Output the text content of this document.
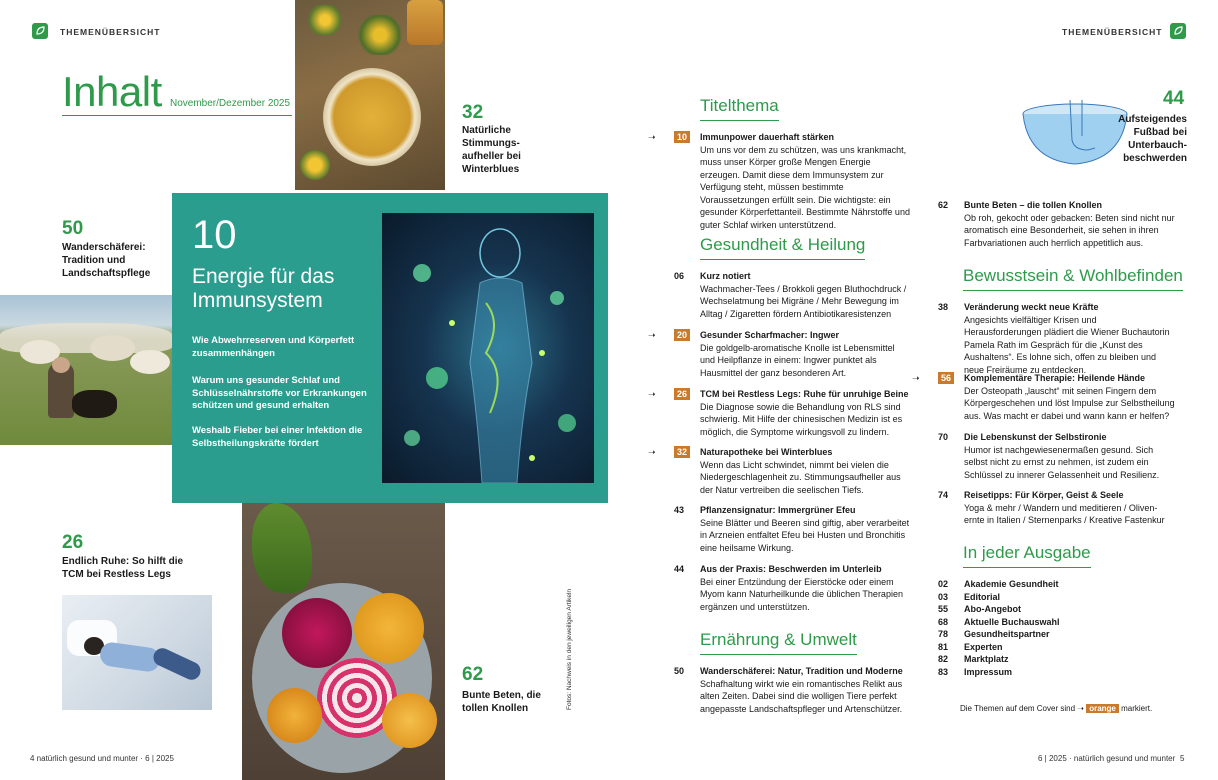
THEMENÜBERSICHT
Inhalt November/Dezember 2025	32
Natürliche
Stimmungs-
aufheller bei
Winterblues
50
Wanderschäferei:
Tradition und
Landschaftspflege
10
Energie für das Immunsystem
Wie Abwehrreserven und Körperfett zusammenhängen
Warum uns gesunder Schlaf und Schlüsselnährstoffe vor Erkrankungen schützen und gesund erhalten
Weshalb Fieber bei einer Infektion die Selbstheilungskräfte fördert
26
Endlich Ruhe: So hilft die
TCM bei Restless Legs
Fotos: Nachweis in den jeweiligen Artikeln
62
Bunte Beten, die
tollen Knollen
4 natürlich gesund und munter · 6 | 2025
THEMENÜBERSICHT
44
Aufsteigendes
Fußbad bei
Unterbauch-
beschwerden
Titelthema
➝	10	Immunpower dauerhaft stärken
Um uns vor dem zu schützen, was uns krankmacht, muss unser Körper große Mengen Energie erzeugen. Damit diese dem Immunsystem zur Verfügung steht, müssen bestimmte Voraussetzungen erfüllt sein. Die wichtigste: ein gesunder Körperfettanteil. Bestimmte Nährstoffe und guter Schlaf wirken unterstützend.
Gesundheit & Heilung
06 Kurz notiert
Wachmacher-Tees / Brokkoli gegen Bluthochdruck / Wechselatmung bei Migräne / Mehr Bewegung im Alltag / Zigaretten fördern Antibiotikaresistenzen
➝	20	Gesunder Scharfmacher: Ingwer
Die goldgelb-aromatische Knolle ist Lebensmittel und Heilpflanze in einem: Ingwer punktet als Hausmittel der ganz besonderen Art.
➝	26	TCM bei Restless Legs: Ruhe für unruhige Beine
Die Diagnose sowie die Behandlung von RLS sind schwierig. Mit Hilfe der chinesischen Medizin ist es möglich, die Symptome wirkungsvoll zu lindern.
➝	32	Naturapotheke bei Winterblues
Wenn das Licht schwindet, nimmt bei vielen die Niedergeschlagenheit zu. Stimmungsaufheller aus der Natur vertreiben die seelischen Tiefs.
43 Pflanzensignatur: Immergrüner Efeu
Seine Blätter und Beeren sind giftig, aber verarbeitet in Arzneien entfaltet Efeu bei Husten und Bronchitis eine heilsame Wirkung.
44 Aus der Praxis: Beschwerden im Unterleib
Bei einer Entzündung der Eierstöcke oder einem Myom kann Naturheilkunde die üblichen Therapien ergänzen und unterstützen.
Ernährung & Umwelt
50 Wanderschäferei: Natur, Tradition und Moderne
Schafhaltung wirkt wie ein romantisches Relikt aus alten Zeiten. Dabei sind die wolligen Tiere perfekt angepasste Landschaftspfleger und Artenschützer.
62 Bunte Beten – die tollen Knollen
Ob roh, gekocht oder gebacken: Beten sind nicht nur aromatisch eine Besonderheit, sie sehen in ihren Farbvariationen auch herrlich appetitlich aus.
Bewusstsein & Wohlbefinden
38 Veränderung weckt neue Kräfte
Angesichts vielfältiger Krisen und Herausforderungen plädiert die Wiener Buchautorin Pamela Rath im Gespräch für die „Kunst des Aushaltens“. Es lohne sich, offen zu bleiben und neue Freiräume zu entdecken.
➝	56	Komplementäre Therapie: Heilende Hände
Der Osteopath „lauscht“ mit seinen Fingern dem Körpergeschehen und löst Impulse zur Selbstheilung aus. Was macht er dabei und wann kann er helfen?
70 Die Lebenskunst der Selbstironie
Humor ist nachgewiesenermaßen gesund. Sich selbst nicht zu ernst zu nehmen, ist zudem ein Schlüssel zu innerer Gelassenheit und Resilienz.
74 Reisetipps: Für Körper, Geist & Seele
Yoga & mehr / Wandern und meditieren / Oliven-ernte in Italien / Sternenparks / Kreative Fastenkur
In jeder Ausgabe
02 Akademie Gesundheit
03 Editorial
55 Abo-Angebot
68 Aktuelle Buchauswahl
78 Gesundheitspartner
81 Experten
82 Marktplatz
83 Impressum
Die Themen auf dem Cover sind ➝ orange markiert.
6 | 2025 · natürlich gesund und munter 5
